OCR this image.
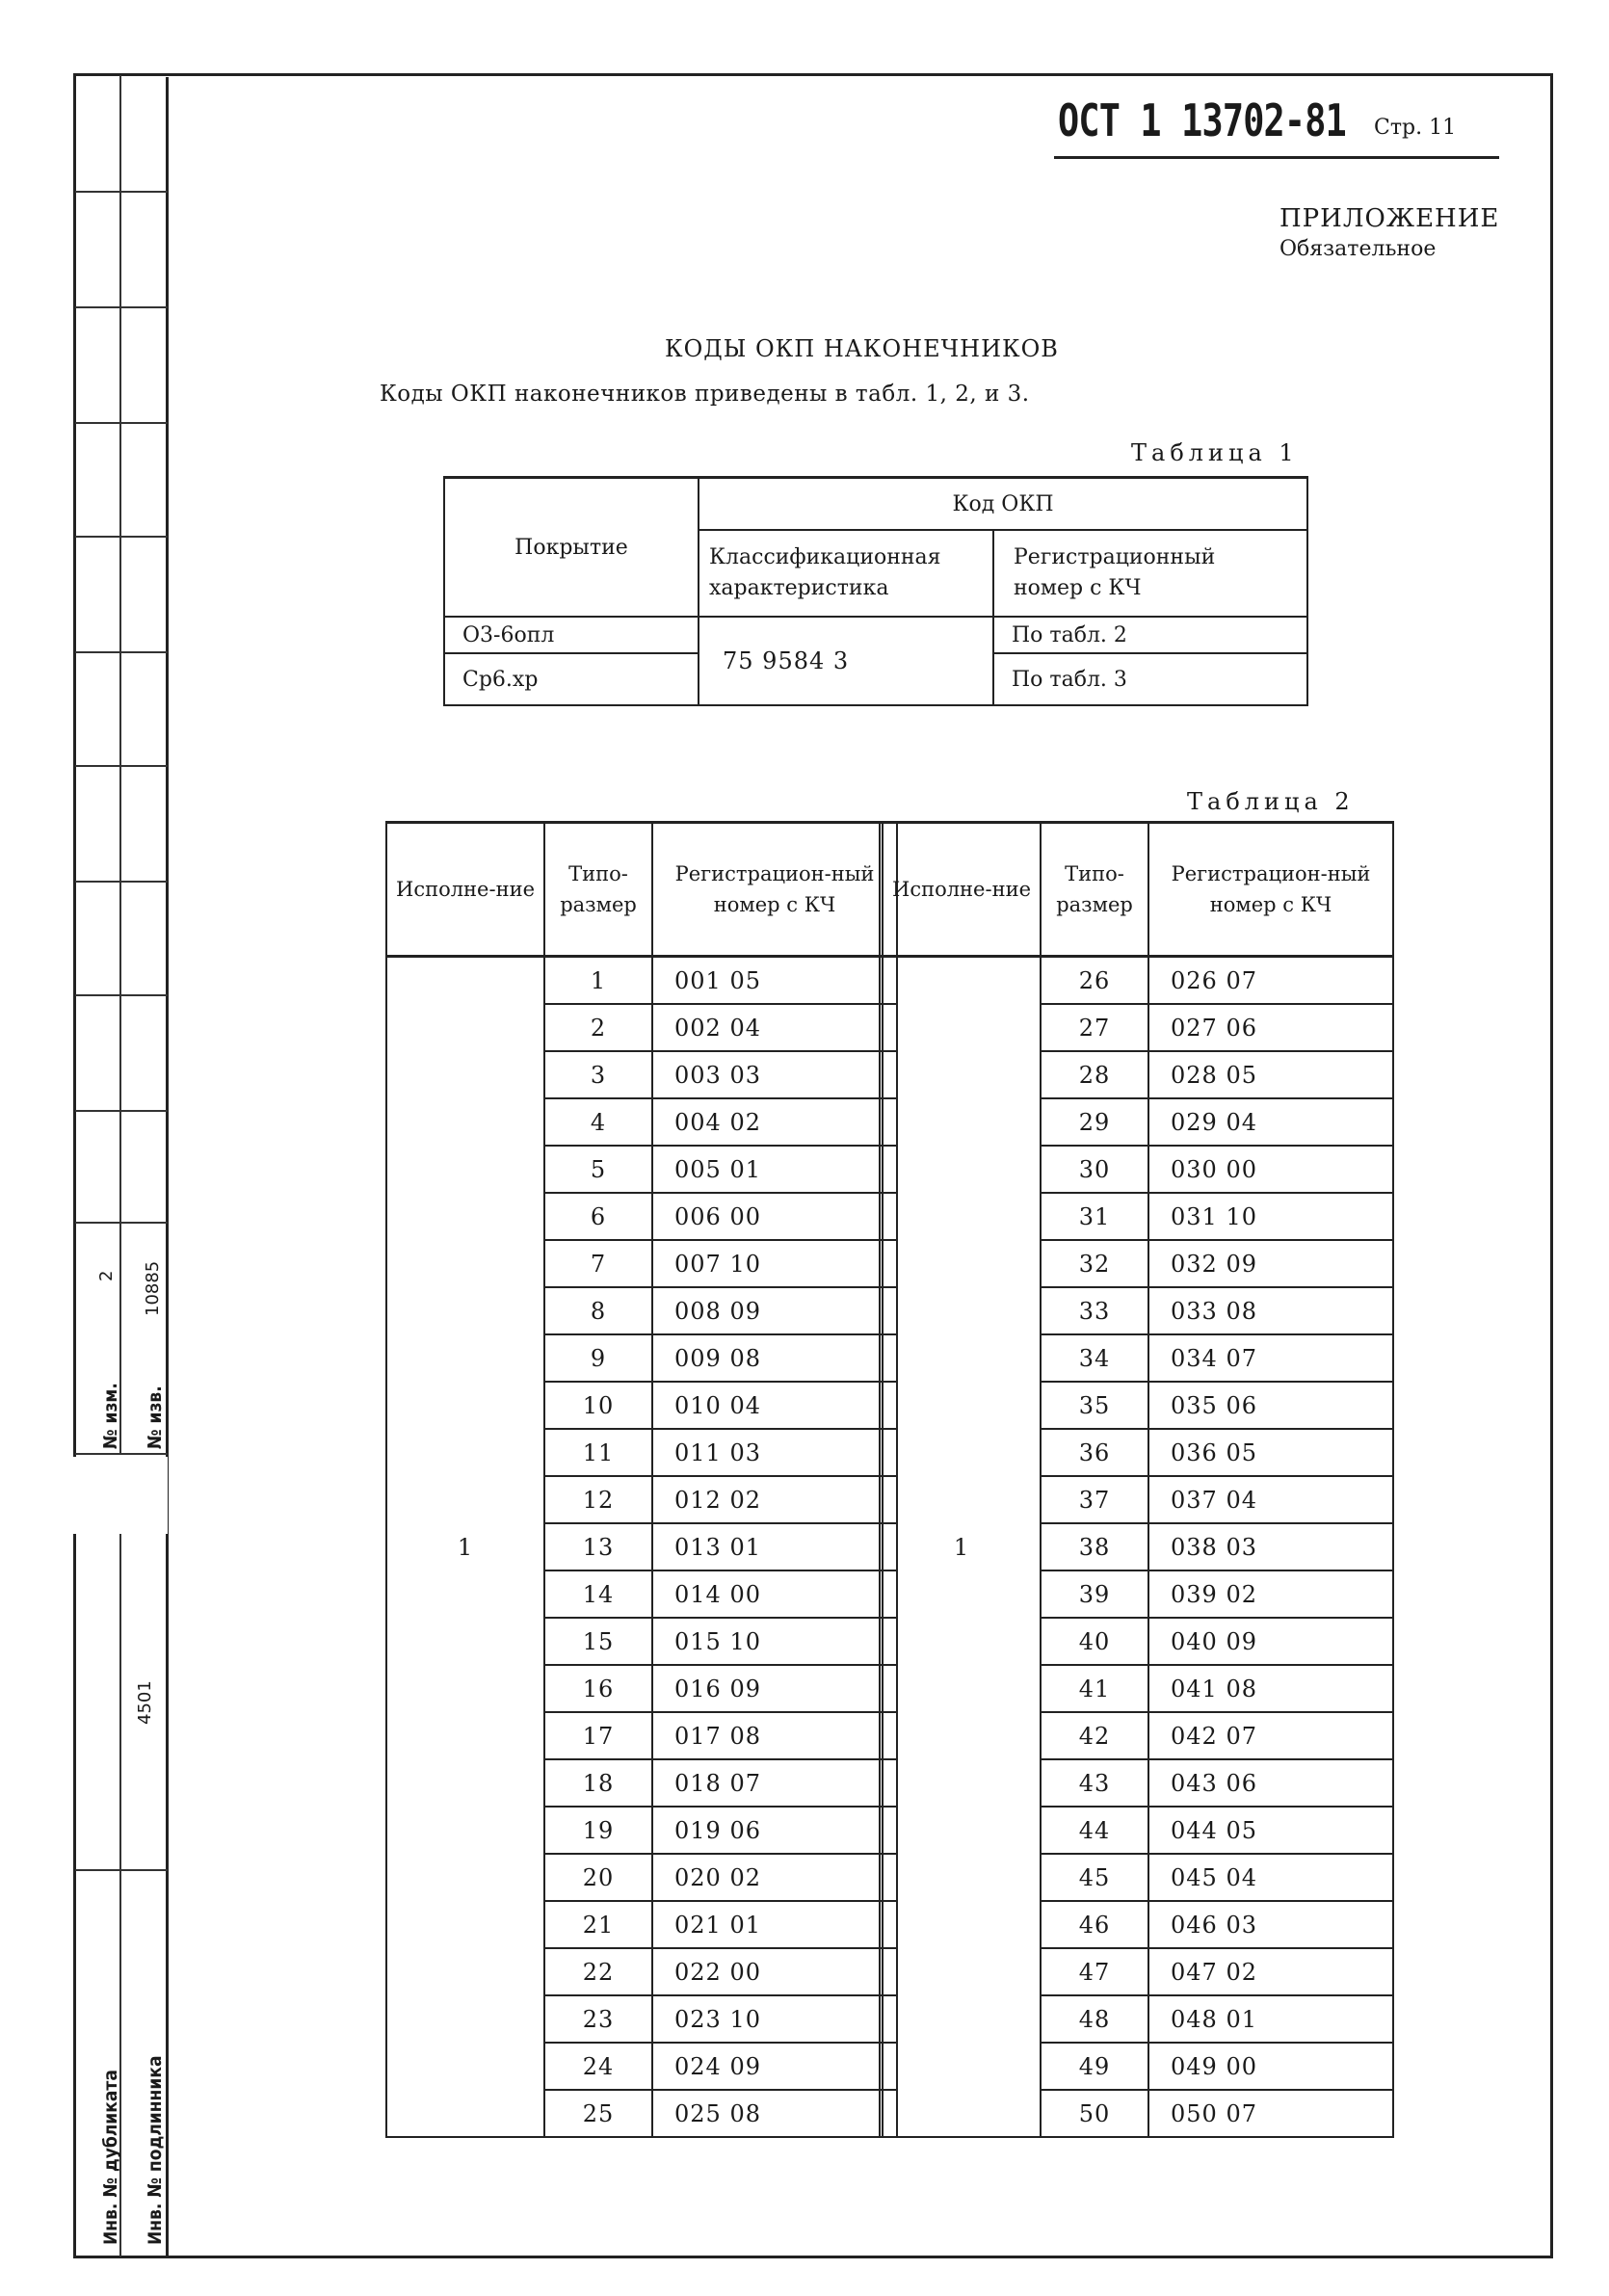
№ изм.
2
№ изв.
10885
Инв. № дубликата Инв. № подлинника
4501
ОСТ 1 13702-81 Стр. 11
ПРИЛОЖЕНИЕ
Обязательное
КОДЫ ОКП НАКОНЕЧНИКОВ
Коды ОКП наконечников приведены в табл. 1, 2, и 3.
Таблица 1
Покрытие	Код ОКП	
	Классификационная характеристика	Регистрационный номер с КЧ
О3-6опл	75 9584 3	По табл. 2
Ср6.хр		По табл. 3
Таблица 2
Исполне-ние	Типо-размер	Регистрацион-ный номер с КЧ
1	1	001 05
	2	002 04
	3	003 03
	4	004 02
	5	005 01
	6	006 00
	7	007 10
	8	008 09
	9	009 08
	10	010 04
	11	011 03
	12	012 02
	13	013 01
	14	014 00
	15	015 10
	16	016 09
	17	017 08
	18	018 07
	19	019 06
	20	020 02
	21	021 01
	22	022 00
	23	023 10
	24	024 09
	25	025 08
Исполне-ние	Типо-размер	Регистрацион-ный номер с КЧ
1	26	026 07
	27	027 06
	28	028 05
	29	029 04
	30	030 00
	31	031 10
	32	032 09
	33	033 08
	34	034 07
	35	035 06
	36	036 05
	37	037 04
	38	038 03
	39	039 02
	40	040 09
	41	041 08
	42	042 07
	43	043 06
	44	044 05
	45	045 04
	46	046 03
	47	047 02
	48	048 01
	49	049 00
	50	050 07
